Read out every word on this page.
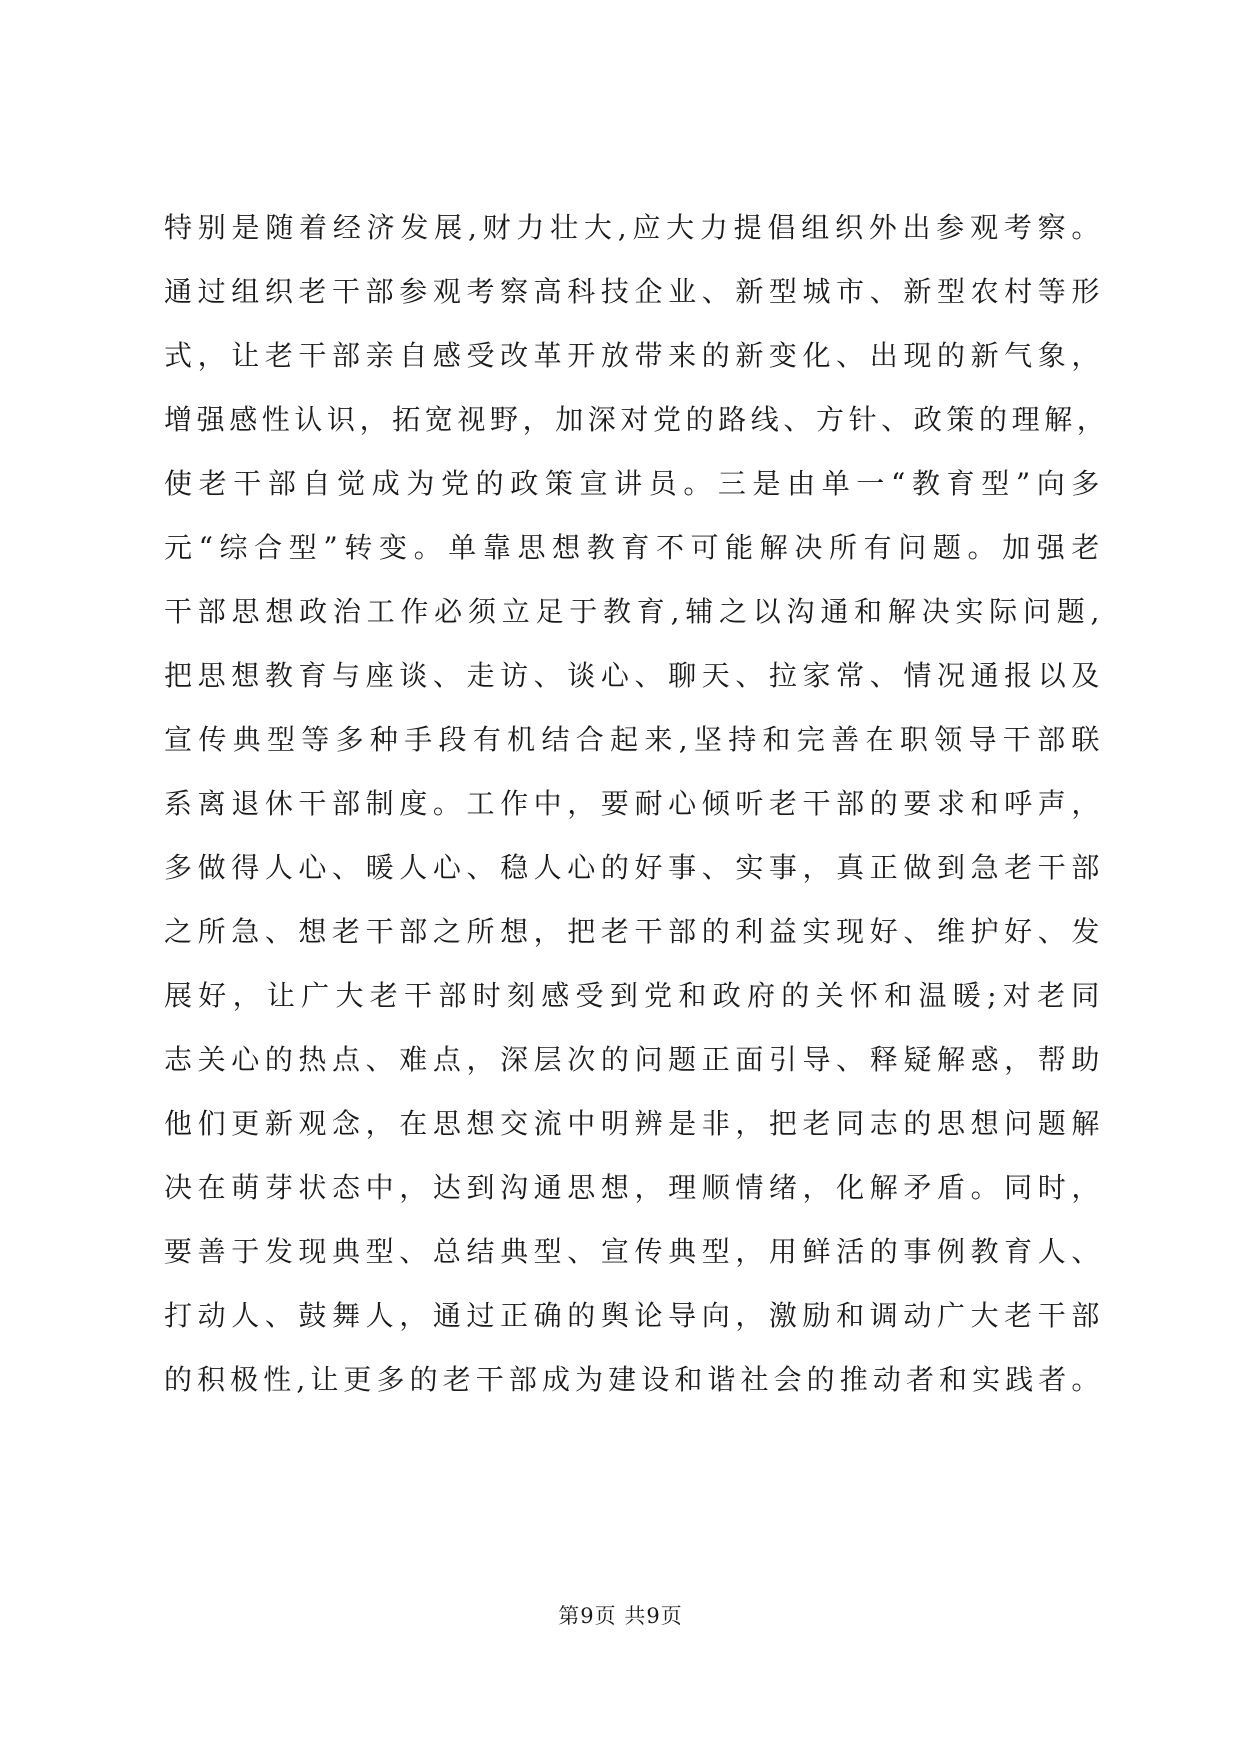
特别是随着经济发展,财力壮大,应大力提倡组织外出参观考察。
通过组织老干部参观考察高科技企业、新型城市、新型农村等形
式，让老干部亲自感受改革开放带来的新变化、出现的新气象，
增强感性认识，拓宽视野，加深对党的路线、方针、政策的理解，
使老干部自觉成为党的政策宣讲员。三是由单一“教育型”向多
元“综合型”转变。单靠思想教育不可能解决所有问题。加强老
干部思想政治工作必须立足于教育,辅之以沟通和解决实际问题,
把思想教育与座谈、走访、谈心、聊天、拉家常、情况通报以及
宣传典型等多种手段有机结合起来,坚持和完善在职领导干部联
系离退休干部制度。工作中，要耐心倾听老干部的要求和呼声，
多做得人心、暖人心、稳人心的好事、实事，真正做到急老干部
之所急、想老干部之所想，把老干部的利益实现好、维护好、发
展好，让广大老干部时刻感受到党和政府的关怀和温暖;对老同
志关心的热点、难点，深层次的问题正面引导、释疑解惑，帮助
他们更新观念，在思想交流中明辨是非，把老同志的思想问题解
决在萌芽状态中，达到沟通思想，理顺情绪，化解矛盾。同时，
要善于发现典型、总结典型、宣传典型，用鲜活的事例教育人、
打动人、鼓舞人，通过正确的舆论导向，激励和调动广大老干部
的积极性,让更多的老干部成为建设和谐社会的推动者和实践者。
第9页 共9页
